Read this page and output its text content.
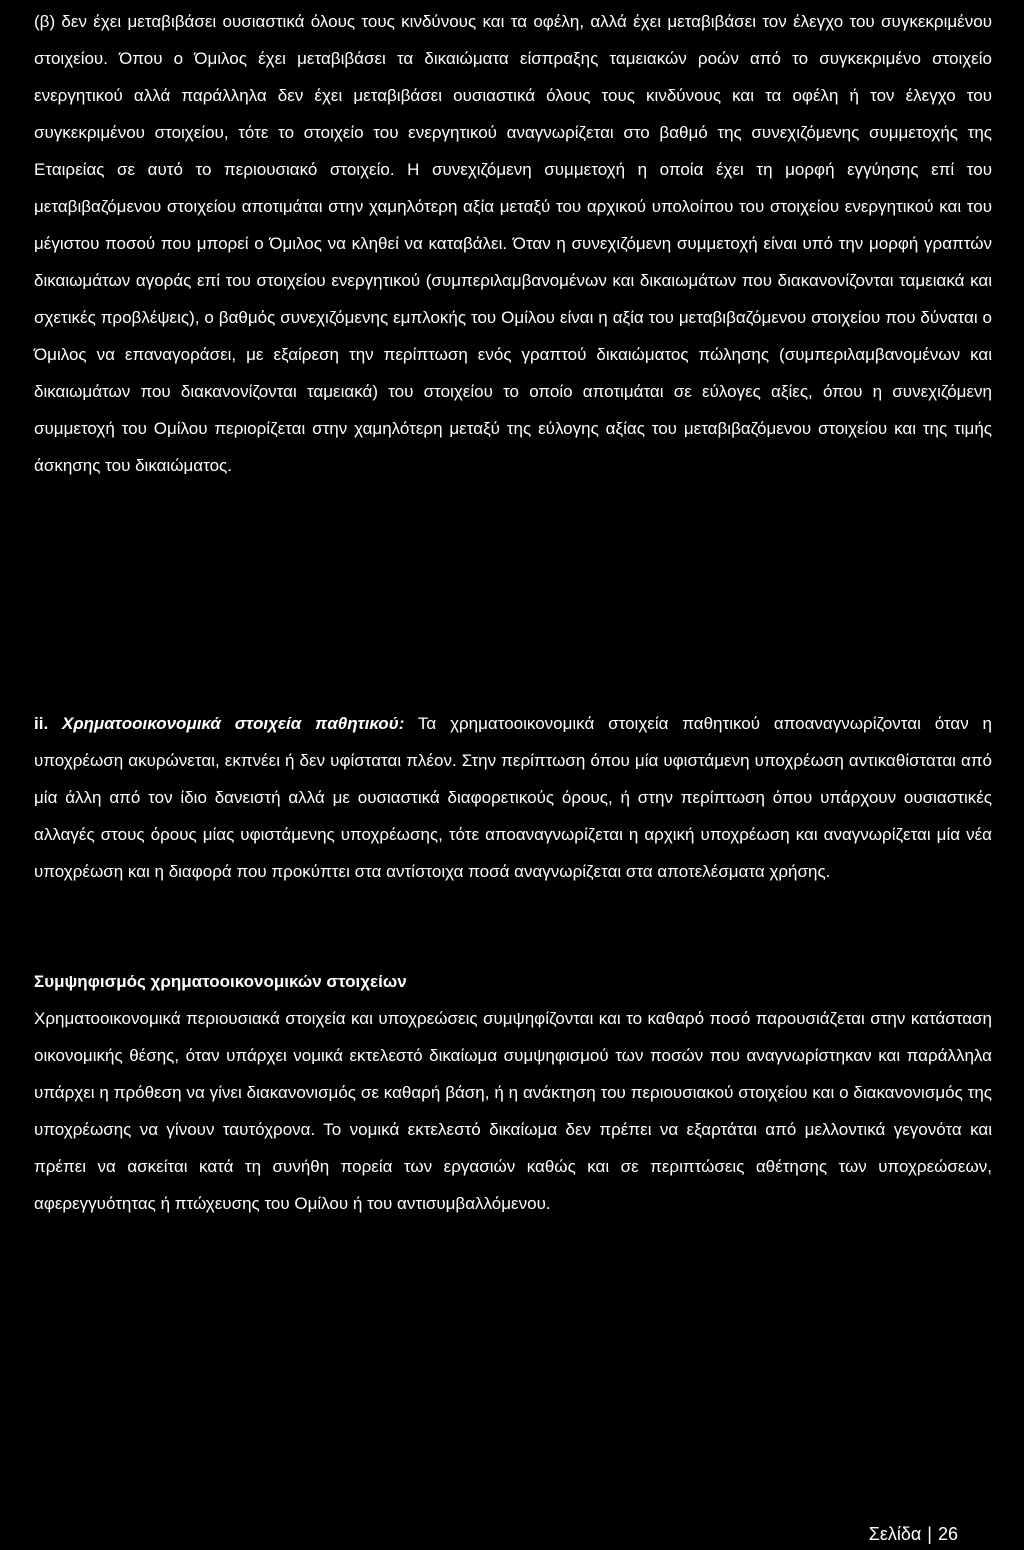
(β) δεν έχει μεταβιβάσει ουσιαστικά όλους τους κινδύνους και τα οφέλη, αλλά έχει μεταβιβάσει τον έλεγχο του συγκεκριμένου στοιχείου. Όπου ο Όμιλος έχει μεταβιβάσει τα δικαιώματα είσπραξης ταμειακών ροών από το συγκεκριμένο στοιχείο ενεργητικού αλλά παράλληλα δεν έχει μεταβιβάσει ουσιαστικά όλους τους κινδύνους και τα οφέλη ή τον έλεγχο του συγκεκριμένου στοιχείου, τότε το στοιχείο του ενεργητικού αναγνωρίζεται στο βαθμό της συνεχιζόμενης συμμετοχής της Εταιρείας σε αυτό το περιουσιακό στοιχείο. Η συνεχιζόμενη συμμετοχή η οποία έχει τη μορφή εγγύησης επί του μεταβιβαζόμενου στοιχείου αποτιμάται στην χαμηλότερη αξία μεταξύ του αρχικού υπολοίπου του στοιχείου ενεργητικού και του μέγιστου ποσού που μπορεί ο Όμιλος να κληθεί να καταβάλει. Όταν η συνεχιζόμενη συμμετοχή είναι υπό την μορφή γραπτών δικαιωμάτων αγοράς επί του στοιχείου ενεργητικού (συμπεριλαμβανομένων και δικαιωμάτων που διακανονίζονται ταμειακά και σχετικές προβλέψεις), ο βαθμός συνεχιζόμενης εμπλοκής του Ομίλου είναι η αξία του μεταβιβαζόμενου στοιχείου που δύναται ο Όμιλος να επαναγοράσει, με εξαίρεση την περίπτωση ενός γραπτού δικαιώματος πώλησης (συμπεριλαμβανομένων και δικαιωμάτων που διακανονίζονται ταμειακά) του στοιχείου το οποίο αποτιμάται σε εύλογες αξίες, όπου η συνεχιζόμενη συμμετοχή του Ομίλου περιορίζεται στην χαμηλότερη μεταξύ της εύλογης αξίας του μεταβιβαζόμενου στοιχείου και της τιμής άσκησης του δικαιώματος.

ii. Χρηματοοικονομικά στοιχεία παθητικού: Τα χρηματοοικονομικά στοιχεία παθητικού αποαναγνωρίζονται όταν η υποχρέωση ακυρώνεται, εκπνέει ή δεν υφίσταται πλέον. Στην περίπτωση όπου μία υφιστάμενη υποχρέωση αντικαθίσταται από μία άλλη από τον ίδιο δανειστή αλλά με ουσιαστικά διαφορετικούς όρους, ή στην περίπτωση όπου υπάρχουν ουσιαστικές αλλαγές στους όρους μίας υφιστάμενης υποχρέωσης, τότε αποαναγνωρίζεται η αρχική υποχρέωση και αναγνωρίζεται μία νέα υποχρέωση και η διαφορά που προκύπτει στα αντίστοιχα ποσά αναγνωρίζεται στα αποτελέσματα χρήσης.

Συμψηφισμός χρηματοοικονομικών στοιχείων

Χρηματοοικονομικά περιουσιακά στοιχεία και υποχρεώσεις συμψηφίζονται και το καθαρό ποσό παρουσιάζεται στην κατάσταση οικονομικής θέσης, όταν υπάρχει νομικά εκτελεστό δικαίωμα συμψηφισμού των ποσών που αναγνωρίστηκαν και παράλληλα υπάρχει η πρόθεση να γίνει διακανονισμός σε καθαρή βάση, ή η ανάκτηση του περιουσιακού στοιχείου και ο διακανονισμός της υποχρέωσης να γίνουν ταυτόχρονα. Το νομικά εκτελεστό δικαίωμα δεν πρέπει να εξαρτάται από μελλοντικά γεγονότα και πρέπει να ασκείται κατά τη συνήθη πορεία των εργασιών καθώς και σε περιπτώσεις αθέτησης των υποχρεώσεων, αφερεγγυότητας ή πτώχευσης του Ομίλου ή του αντισυμβαλλόμενου.

Σελίδα | 26
